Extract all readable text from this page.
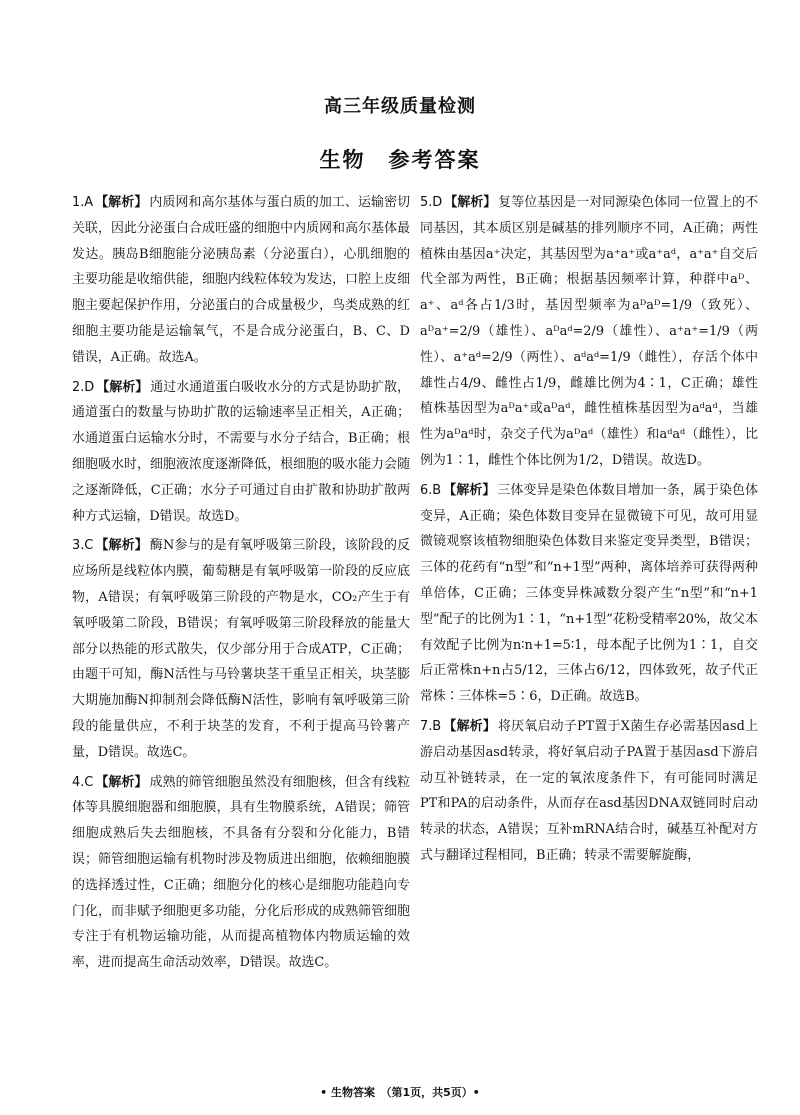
高三年级质量检测
生物　参考答案

1.A 【解析】 内质网和高尔基体与蛋白质的加工、运输密切关联，因此分泌蛋白合成旺盛的细胞中内质网和高尔基体最发达。胰岛B细胞能分泌胰岛素（分泌蛋白），心肌细胞的主要功能是收缩供能，细胞内线粒体较为发达，口腔上皮细胞主要起保护作用，分泌蛋白的合成量极少，鸟类成熟的红细胞主要功能是运输氧气，不是合成分泌蛋白，B、C、D错误，A正确。故选A。

2.D 【解析】 通过水通道蛋白吸收水分的方式是协助扩散，通道蛋白的数量与协助扩散的运输速率呈正相关，A正确；水通道蛋白运输水分时，不需要与水分子结合，B正确；根细胞吸水时，细胞液浓度逐渐降低，根细胞的吸水能力会随之逐渐降低，C正确；水分子可通过自由扩散和协助扩散两种方式运输，D错误。故选D。

3.C 【解析】 酶N参与的是有氧呼吸第三阶段，该阶段的反应场所是线粒体内膜，葡萄糖是有氧呼吸第一阶段的反应底物，A错误；有氧呼吸第三阶段的产物是水，CO₂产生于有氧呼吸第二阶段，B错误；有氧呼吸第三阶段释放的能量大部分以热能的形式散失，仅少部分用于合成ATP，C正确；由题干可知，酶N活性与马铃薯块茎干重呈正相关，块茎膨大期施加酶N抑制剂会降低酶N活性，影响有氧呼吸第三阶段的能量供应，不利于块茎的发育，不利于提高马铃薯产量，D错误。故选C。

4.C 【解析】 成熟的筛管细胞虽然没有细胞核，但含有线粒体等具膜细胞器和细胞膜，具有生物膜系统，A错误；筛管细胞成熟后失去细胞核，不具备有分裂和分化能力，B错误；筛管细胞运输有机物时涉及物质进出细胞，依赖细胞膜的选择透过性，C正确；细胞分化的核心是细胞功能趋向专门化，而非赋予细胞更多功能，分化后形成的成熟筛管细胞专注于有机物运输功能，从而提高植物体内物质运输的效率，进而提高生命活动效率，D错误。故选C。

5.D 【解析】 复等位基因是一对同源染色体同一位置上的不同基因，其本质区别是碱基的排列顺序不同，A正确；两性植株由基因a⁺决定，其基因型为a⁺a⁺或a⁺aᵈ，a⁺a⁺自交后代全部为两性，B正确；根据基因频率计算，种群中aᴰ、a⁺、aᵈ各占1/3时，基因型频率为aᴰaᴰ=1/9（致死）、aᴰa⁺=2/9（雄性）、aᴰaᵈ=2/9（雄性）、a⁺a⁺=1/9（两性）、a⁺aᵈ=2/9（两性）、aᵈaᵈ=1/9（雌性），存活个体中雄性占4/9、雌性占1/9，雌雄比例为4∶1，C正确；雄性植株基因型为aᴰa⁺或aᴰaᵈ，雌性植株基因型为aᵈaᵈ，当雄性为aᴰaᵈ时，杂交子代为aᴰaᵈ（雄性）和aᵈaᵈ（雌性），比例为1∶1，雌性个体比例为1/2，D错误。故选D。

6.B 【解析】 三体变异是染色体数目增加一条，属于染色体变异，A正确；染色体数目变异在显微镜下可见，故可用显微镜观察该植物细胞染色体数目来鉴定变异类型，B错误；三体的花药有“n型”和“n+1型”两种，离体培养可获得两种单倍体，C正确；三体变异株减数分裂产生“n型”和“n+1型”配子的比例为1∶1，“n+1型”花粉受精率20%，故父本有效配子比例为n∶n+1=5∶1，母本配子比例为1∶1，自交后正常株n+n占5/12，三体占6/12，四体致死，故子代正常株∶三体株=5∶6，D正确。故选B。

7.B 【解析】 将厌氧启动子PT置于X菌生存必需基因asd上游启动基因asd转录，将好氧启动子PA置于基因asd下游启动互补链转录，在一定的氧浓度条件下，有可能同时满足PT和PA的启动条件，从而存在asd基因DNA双链同时启动转录的状态，A错误；互补mRNA结合时，碱基互补配对方式与翻译过程相同，B正确；转录不需要解旋酶，

• 生物答案　（第1页，共5页）•
